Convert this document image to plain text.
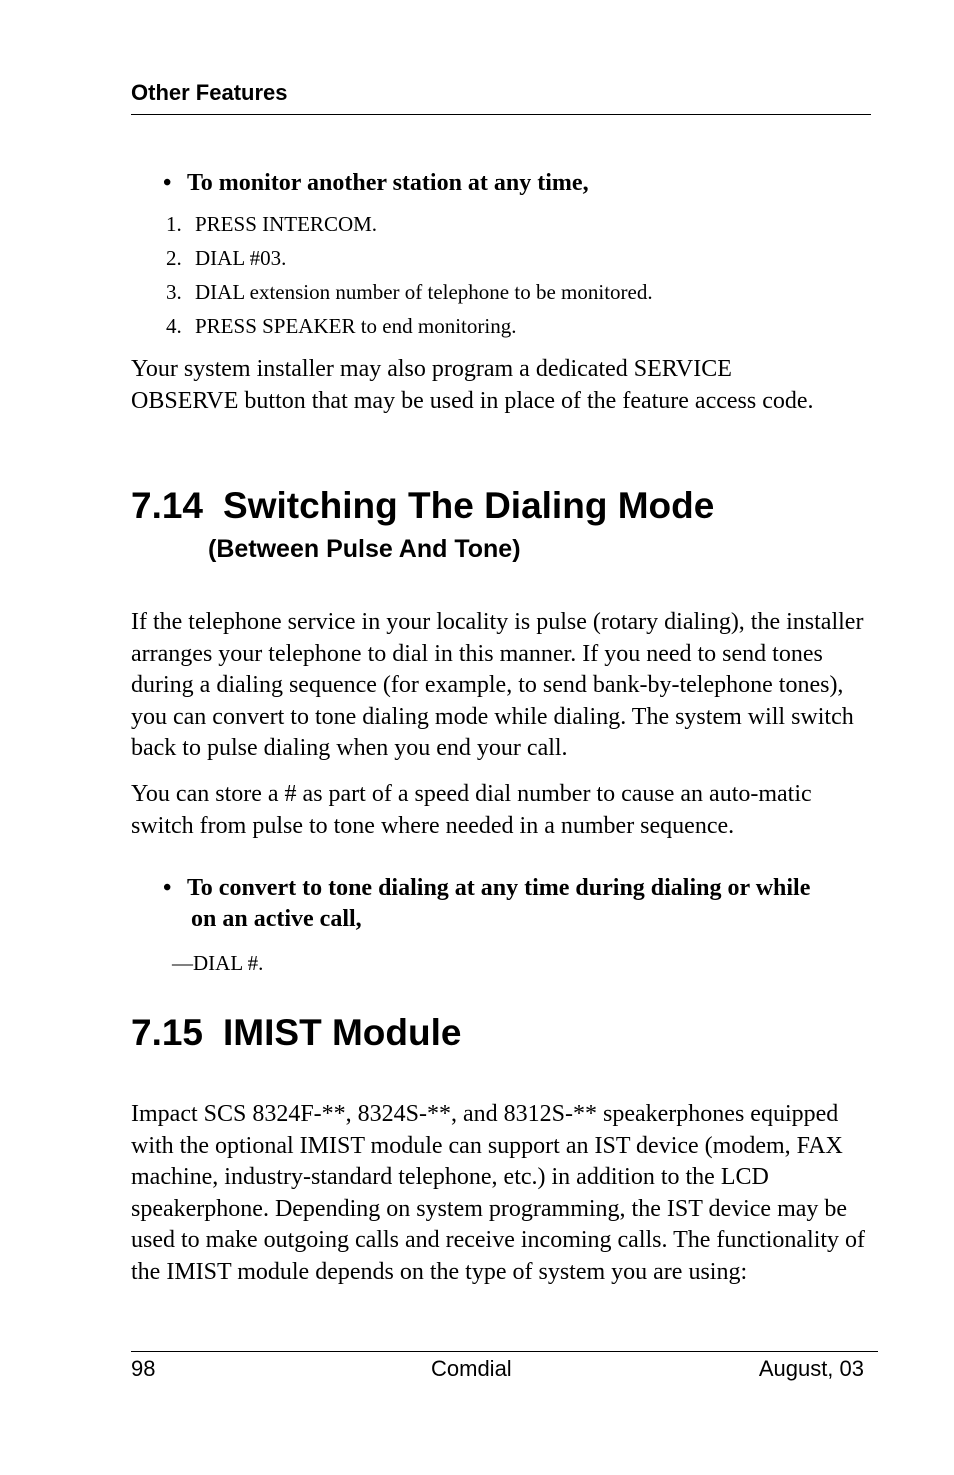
Other Features
• To monitor another station at any time,
1. PRESS INTERCOM.
2. DIAL #03.
3. DIAL extension number of telephone to be monitored.
4. PRESS SPEAKER to end monitoring.

Your system installer may also program a dedicated SERVICE OBSERVE button that may be used in place of the feature access code.

7.14 Switching The Dialing Mode
(Between Pulse And Tone)

If the telephone service in your locality is pulse (rotary dialing), the installer arranges your telephone to dial in this manner. If you need to send tones during a dialing sequence (for example, to send bank-by-telephone tones), you can convert to tone dialing mode while dialing. The system will switch back to pulse dialing when you end your call.

You can store a # as part of a speed dial number to cause an auto-matic switch from pulse to tone where needed in a number sequence.

• To convert to tone dialing at any time during dialing or while
on an active call,
—DIAL #.
7.15 IMIST Module

Impact SCS 8324F-**, 8324S-**, and 8312S-** speakerphones equipped with the optional IMIST module can support an IST device (modem, FAX machine, industry-standard telephone, etc.) in addition to the LCD speakerphone. Depending on system programming, the IST device may be used to make outgoing calls and receive incoming calls. The functionality of the IMIST module depends on the type of system you are using:

98	Comdial	August, 03
